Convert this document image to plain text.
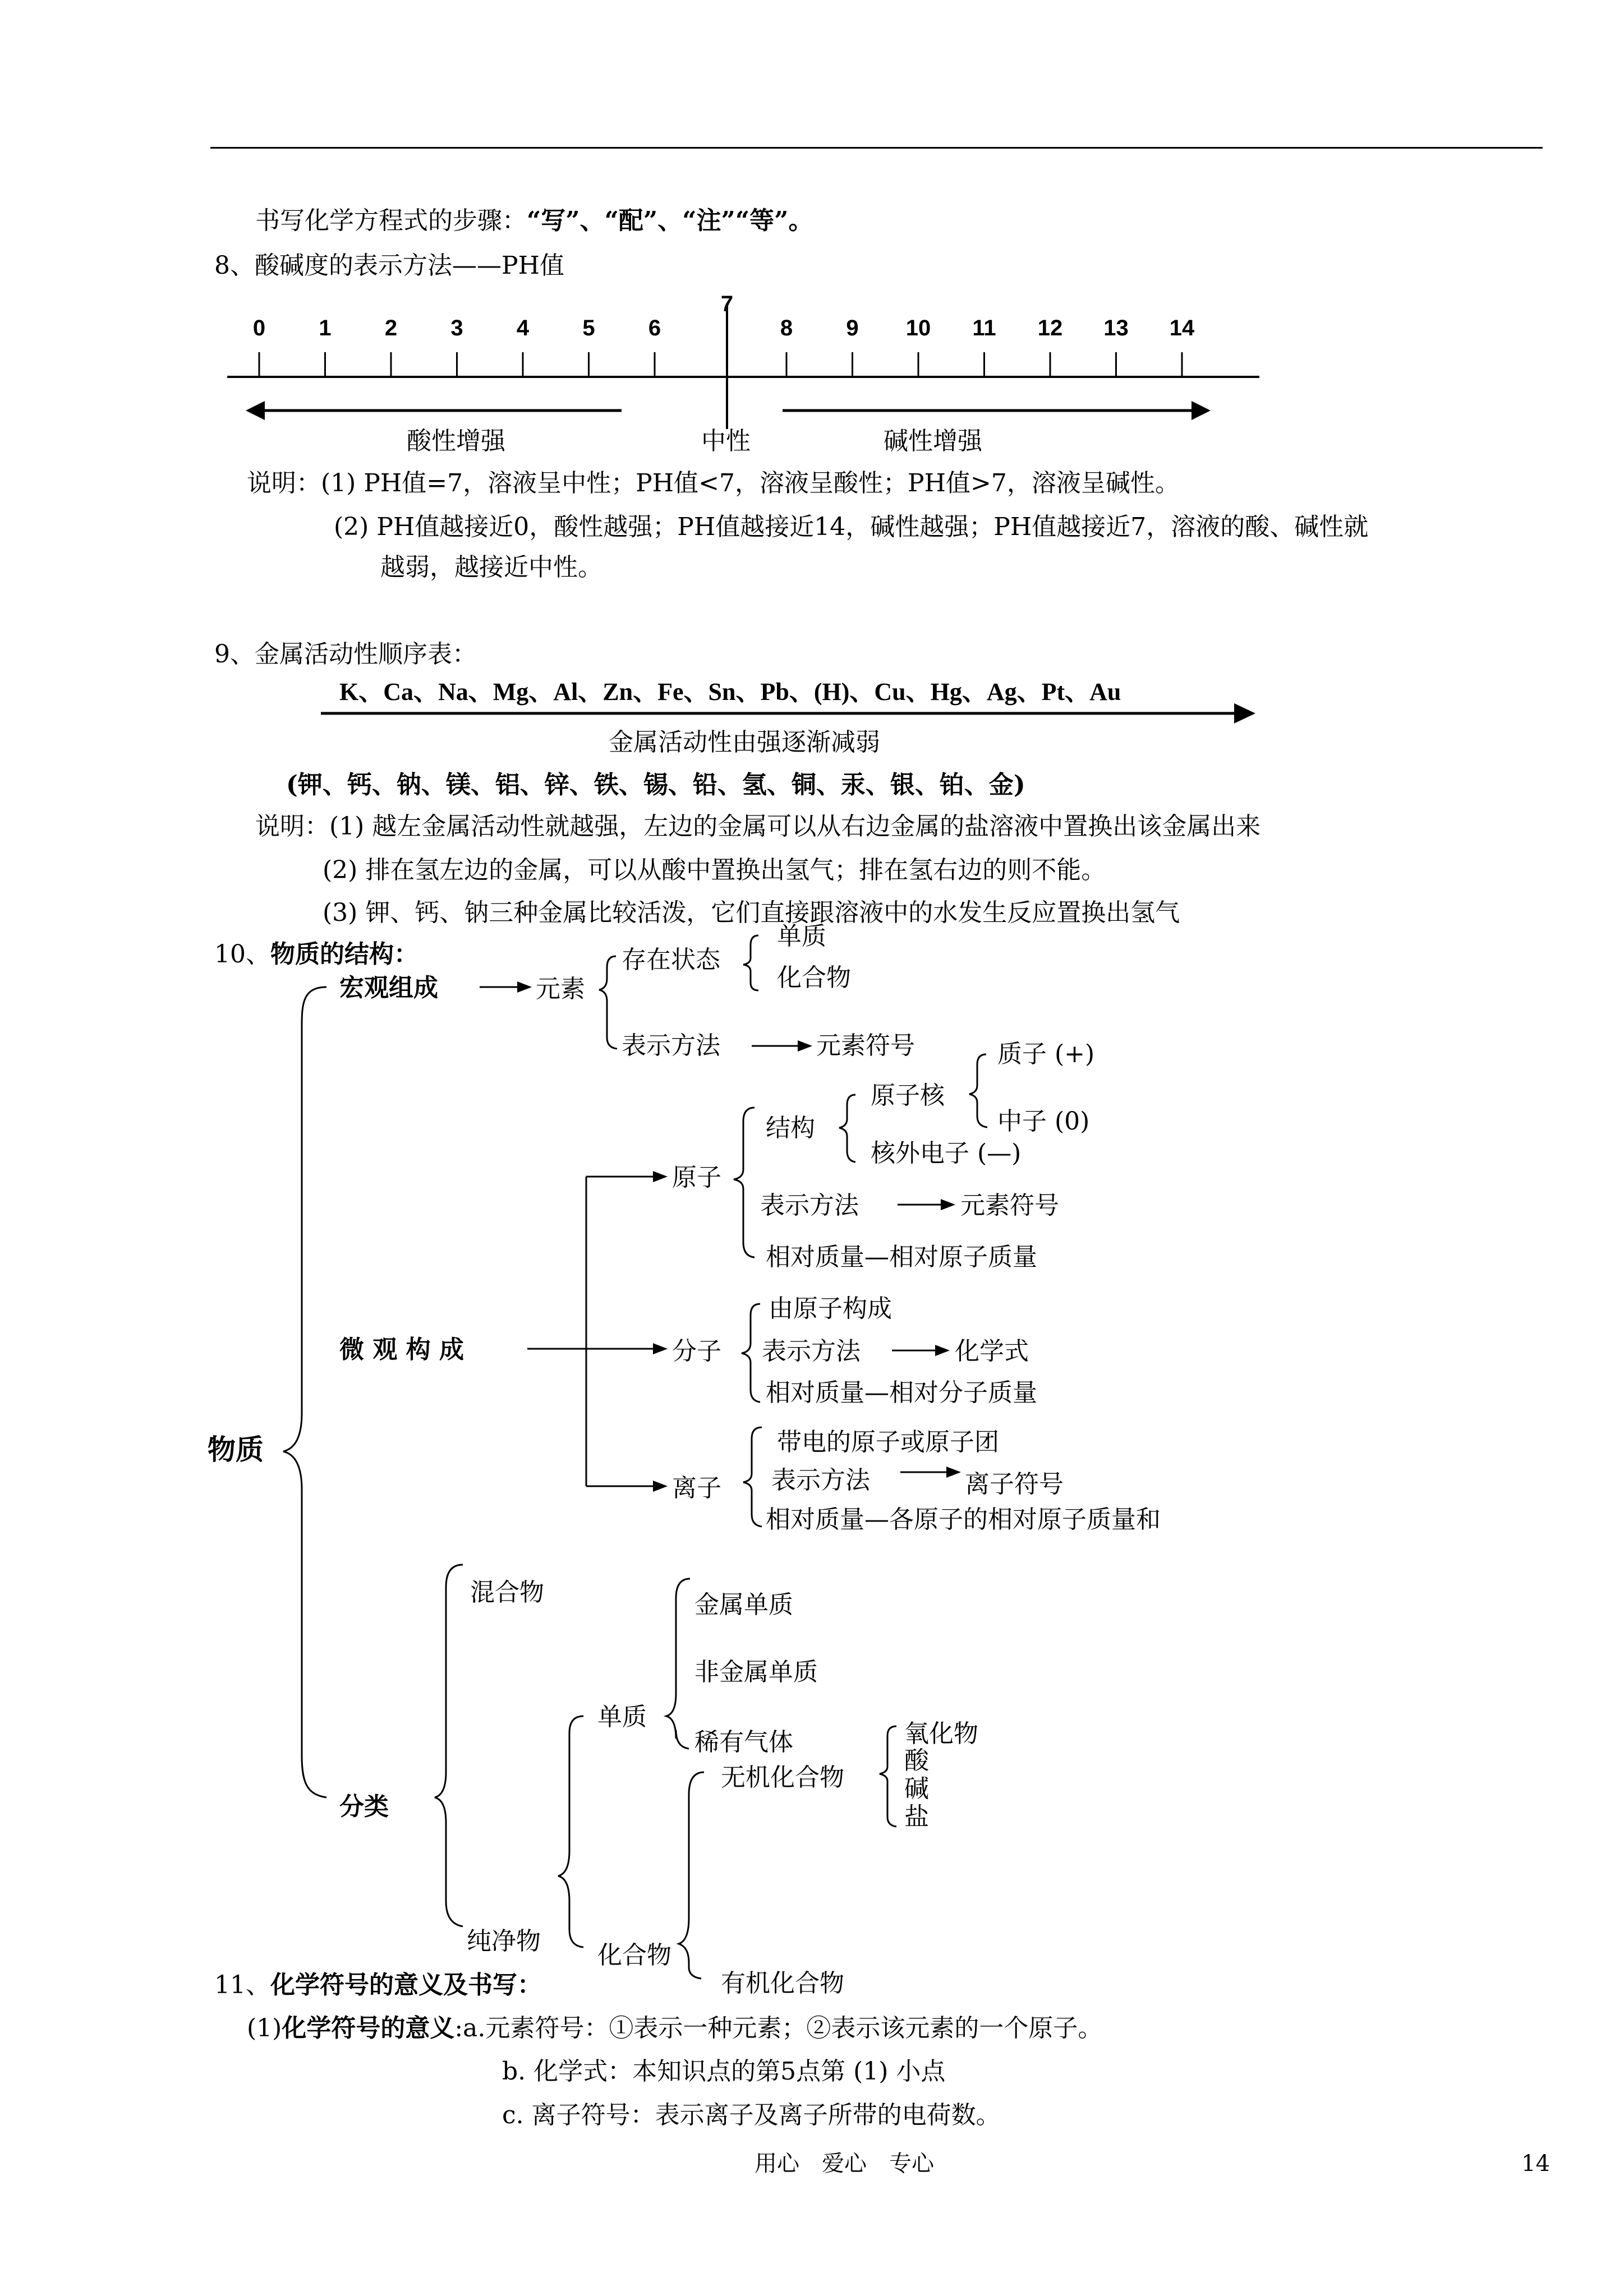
书写化学方程式的步骤：“写”、“配”、“注”“等”。
8、酸碱度的表示方法——PH值
0 1 2 3 4 5 6
7
8 9 10 11 12 13 14
酸性增强	中性	碱性增强
说明：(1) PH值=7，溶液呈中性；PH值<7，溶液呈酸性；PH值>7，溶液呈碱性。
(2) PH值越接近0，酸性越强；PH值越接近14，碱性越强；PH值越接近7，溶液的酸、碱性就
越弱，越接近中性。
9、金属活动性顺序表：
K、Ca、Na、Mg、Al、Zn、Fe、Sn、Pb、(H)、Cu、Hg、Ag、Pt、Au
金属活动性由强逐渐减弱
(钾、钙、钠、镁、铝、锌、铁、锡、铅、氢、铜、汞、银、铂、金)
说明：(1) 越左金属活动性就越强，左边的金属可以从右边金属的盐溶液中置换出该金属出来
(2) 排在氢左边的金属，可以从酸中置换出氢气；排在氢右边的则不能。
(3) 钾、钙、钠三种金属比较活泼，它们直接跟溶液中的水发生反应置换出氢气
10、物质的结构：
物质
宏观组成	元素
存在状态
单质
化合物
表示方法	元素符号
微 观 构 成
原子
结构
原子核
质子 (+)
中子 (0)
核外电子 (—)
表示方法	元素符号
相对质量—相对原子质量
分子
由原子构成
表示方法	化学式
相对质量—相对分子质量
离子
带电的原子或原子团
表示方法	离子符号
相对质量—各原子的相对原子质量和
分类
混合物
纯净物
单质
金属单质
非金属单质
稀有气体
化合物
无机化合物
氧化物
酸
碱
盐
有机化合物
11、化学符号的意义及书写：
(1)化学符号的意义:a.元素符号：①表示一种元素；②表示该元素的一个原子。
b. 化学式：本知识点的第5点第 (1) 小点
c. 离子符号：表示离子及离子所带的电荷数。
用心　爱心　专心	14
